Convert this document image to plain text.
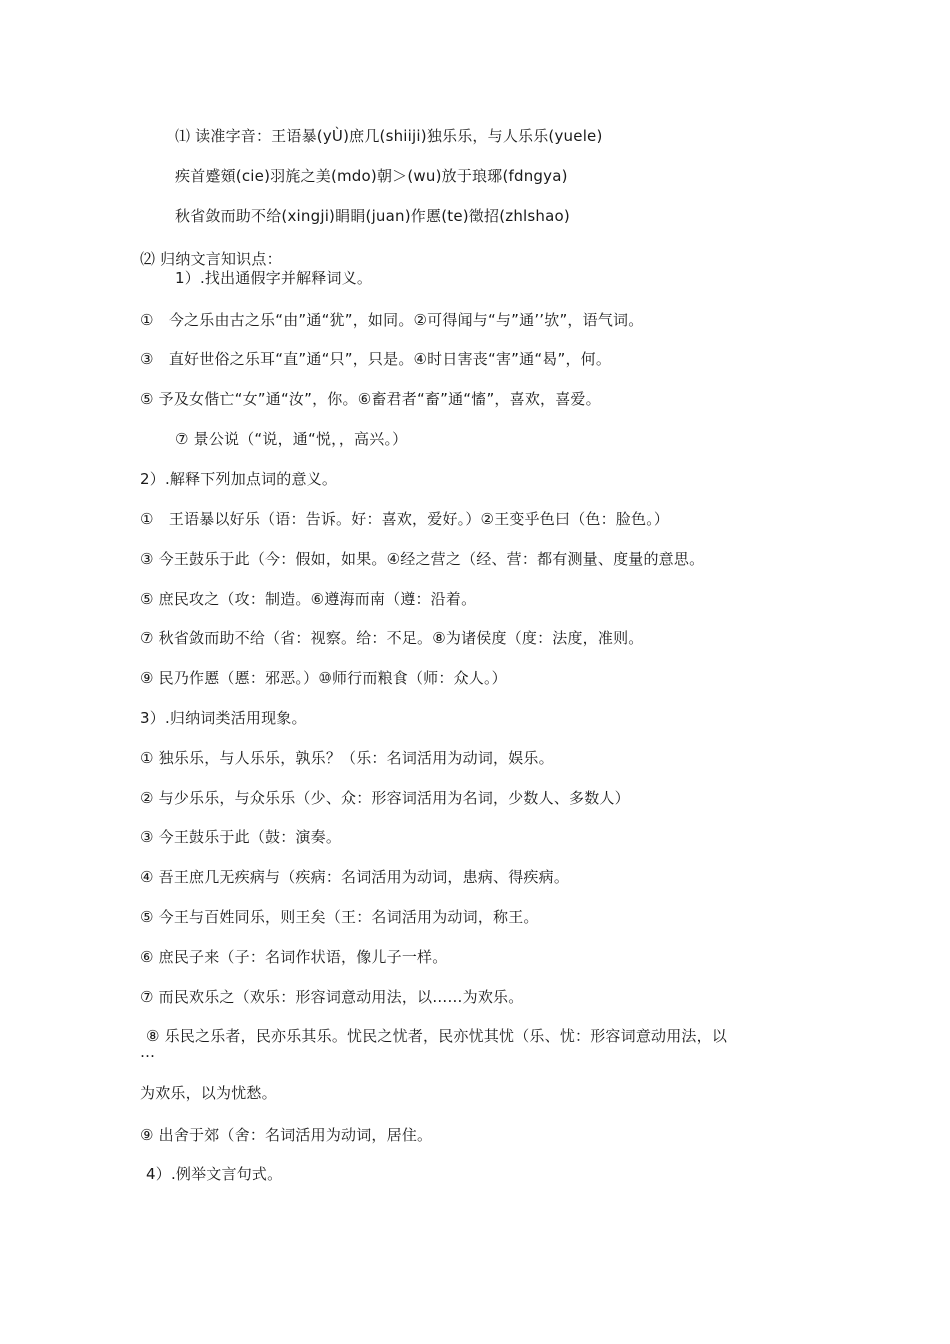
⑴ 读准字音：王语暴(yÙ)庶几(shiiji)独乐乐，与人乐乐(yuele)
疾首蹙頞(cie)羽旄之美(mdo)朝＞(wu)放于琅琊(fdngya)
秋省敛而助不给(xingji)睊睊(juan)作慝(te)徵招(zhlshao)
⑵ 归纳文言知识点：
1）.找出通假字并解释词义。
①　今之乐由古之乐“由”通“犹”，如同。②可得闻与“与”通’’欤”，语气词。
③　直好世俗之乐耳“直”通“只”，只是。④时日害丧“害”通“曷”，何。
⑤ 予及女偕亡“女”通“汝”，你。⑥畜君者“畜”通“慉”，喜欢，喜爱。
⑦ 景公说（“说，通“悦，，高兴。）
2）.解释下列加点词的意义。
①　王语暴以好乐（语：告诉。好：喜欢，爱好。）②王变乎色曰（色：脸色。）
③ 今王鼓乐于此（今：假如，如果。④经之营之（经、营：都有测量、度量的意思。
⑤ 庶民攻之（攻：制造。⑥遵海而南（遵：沿着。
⑦ 秋省敛而助不给（省：视察。给：不足。⑧为诸侯度（度：法度，准则。
⑨ 民乃作慝（慝：邪恶。）⑩师行而粮食（师：众人。）
3）.归纳词类活用现象。
① 独乐乐，与人乐乐，孰乐？（乐：名词活用为动词，娱乐。
② 与少乐乐，与众乐乐（少、众：形容词活用为名词，少数人、多数人）
③ 今王鼓乐于此（鼓：演奏。
④ 吾王庶几无疾病与（疾病：名词活用为动词，患病、得疾病。
⑤ 今王与百姓同乐，则王矣（王：名词活用为动词，称王。
⑥ 庶民子来（子：名词作状语，像儿子一样。
⑦ 而民欢乐之（欢乐：形容词意动用法，以……为欢乐。
⑧ 乐民之乐者，民亦乐其乐。忧民之忧者，民亦忧其忧（乐、忧：形容词意动用法，以
…
为欢乐，以为忧愁。
⑨ 出舍于郊（舍：名词活用为动词，居住。
4）.例举文言句式。
